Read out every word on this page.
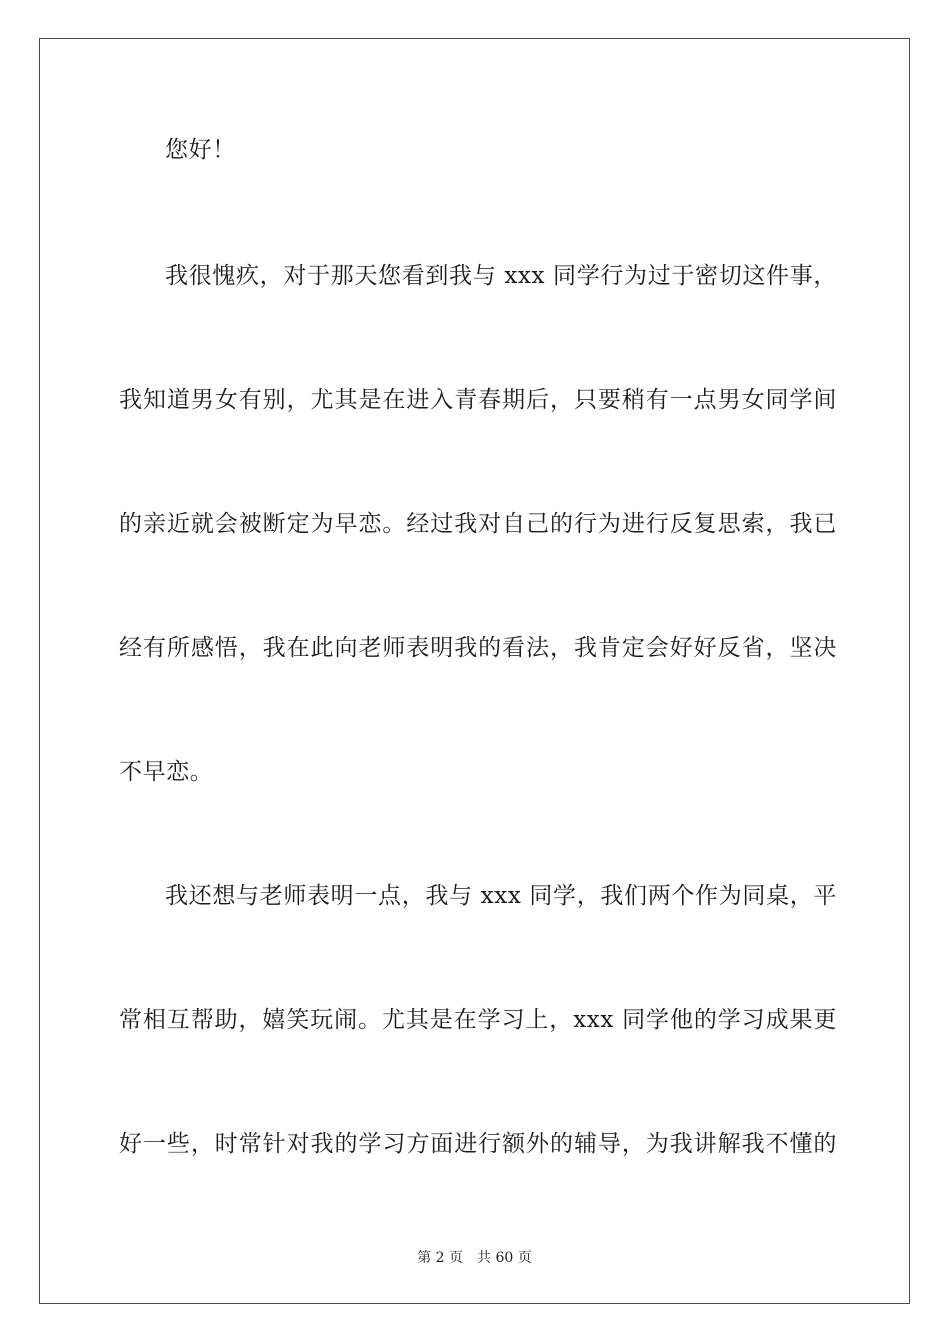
您好！
我很愧疚，对于那天您看到我与 xxx 同学行为过于密切这件事，
我知道男女有别，尤其是在进入青春期后，只要稍有一点男女同学间
的亲近就会被断定为早恋。经过我对自己的行为进行反复思索，我已
经有所感悟，我在此向老师表明我的看法，我肯定会好好反省，坚决
不早恋。
我还想与老师表明一点，我与 xxx 同学，我们两个作为同桌，平
常相互帮助，嬉笑玩闹。尤其是在学习上，xxx 同学他的学习成果更
好一些，时常针对我的学习方面进行额外的辅导，为我讲解我不懂的
第 2 页 共 60 页
